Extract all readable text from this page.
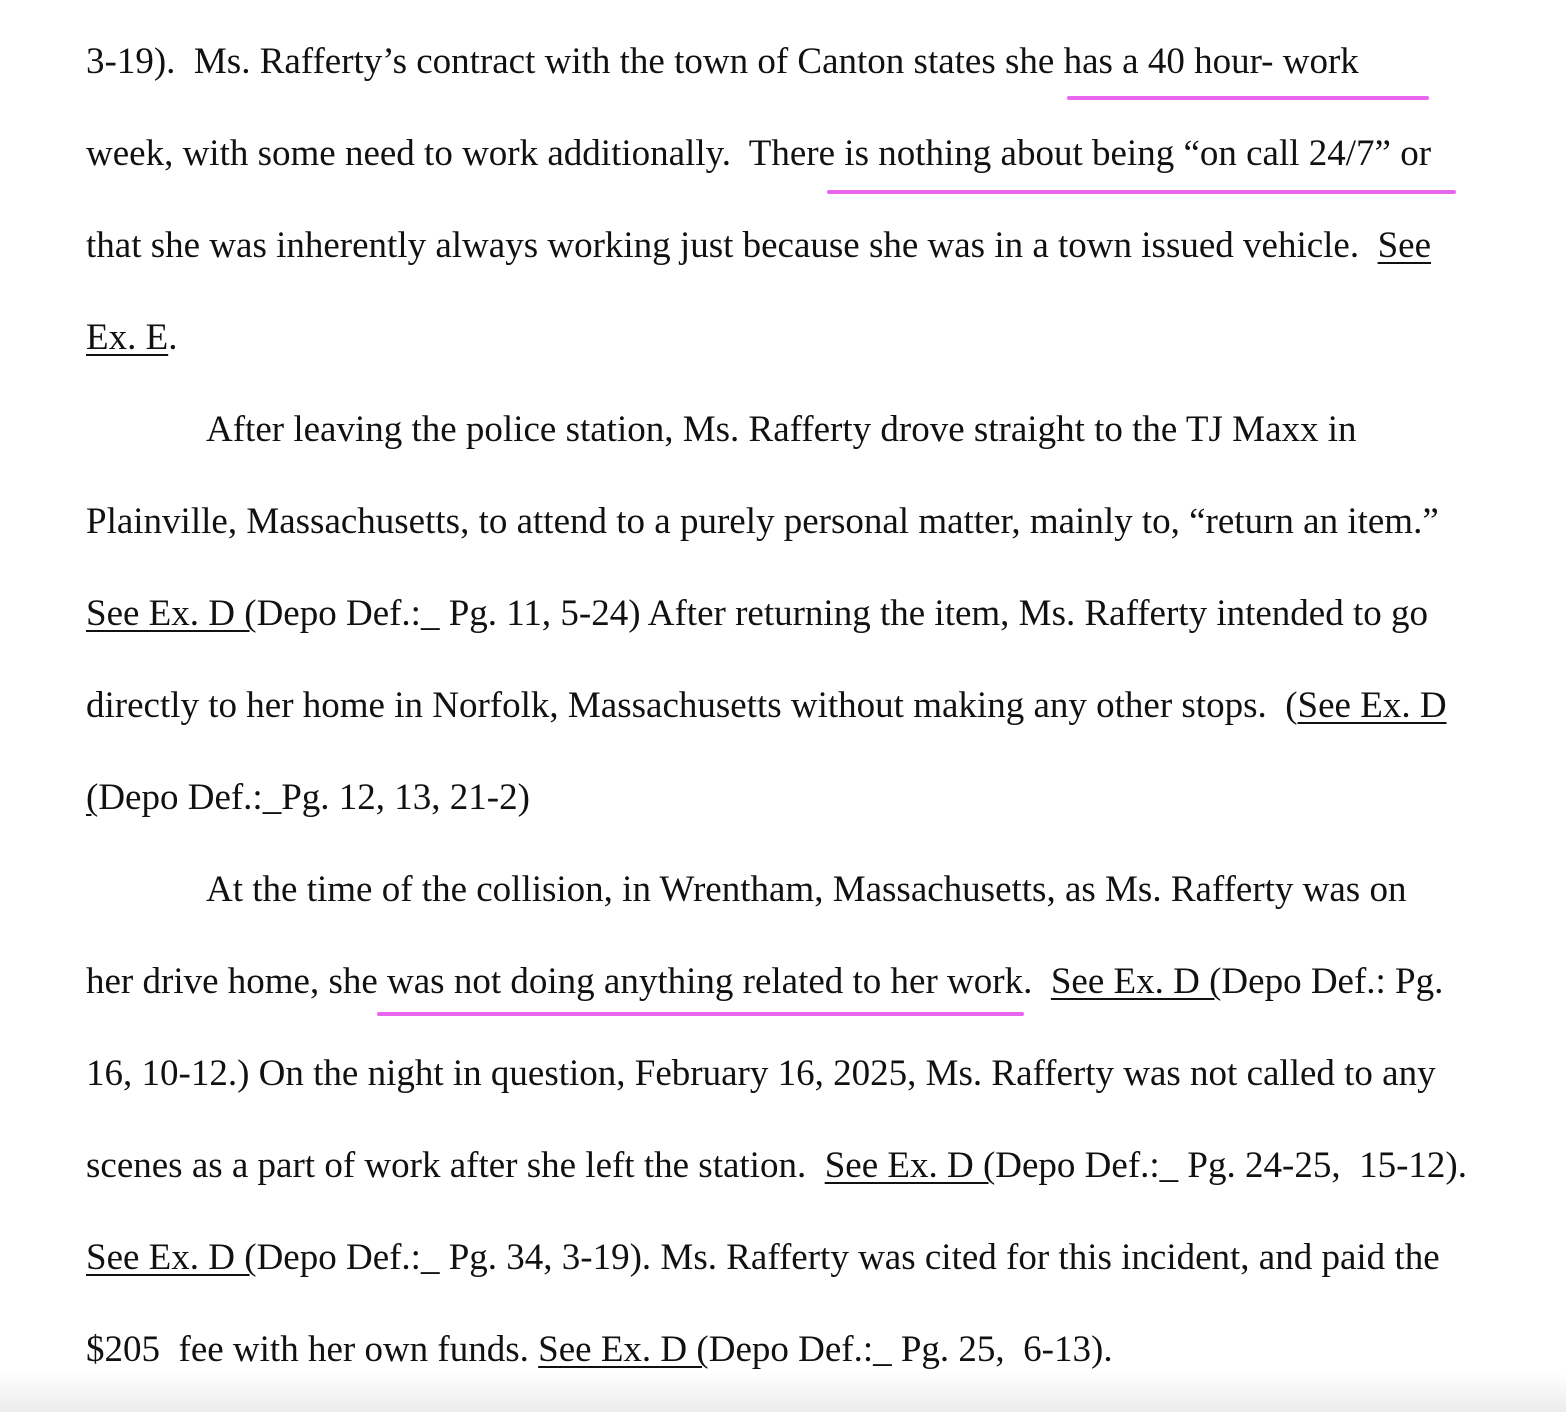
3-19).  Ms. Rafferty’s contract with the town of Canton states she has a 40 hour- work
week, with some need to work additionally.  There is nothing about being “on call 24/7” or
that she was inherently always working just because she was in a town issued vehicle.  See
Ex. E.
After leaving the police station, Ms. Rafferty drove straight to the TJ Maxx in
Plainville, Massachusetts, to attend to a purely personal matter, mainly to, “return an item.”
See Ex. D (Depo Def.:_ Pg. 11, 5-24) After returning the item, Ms. Rafferty intended to go
directly to her home in Norfolk, Massachusetts without making any other stops.  (See Ex. D
(Depo Def.:_Pg. 12, 13, 21-2)
At the time of the collision, in Wrentham, Massachusetts, as Ms. Rafferty was on
her drive home, she was not doing anything related to her work.  See Ex. D (Depo Def.: Pg.
16, 10-12.) On the night in question, February 16, 2025, Ms. Rafferty was not called to any
scenes as a part of work after she left the station.  See Ex. D (Depo Def.:_ Pg. 24-25,  15-12).
See Ex. D (Depo Def.:_ Pg. 34, 3-19). Ms. Rafferty was cited for this incident, and paid the
$205  fee with her own funds. See Ex. D (Depo Def.:_ Pg. 25,  6-13).
